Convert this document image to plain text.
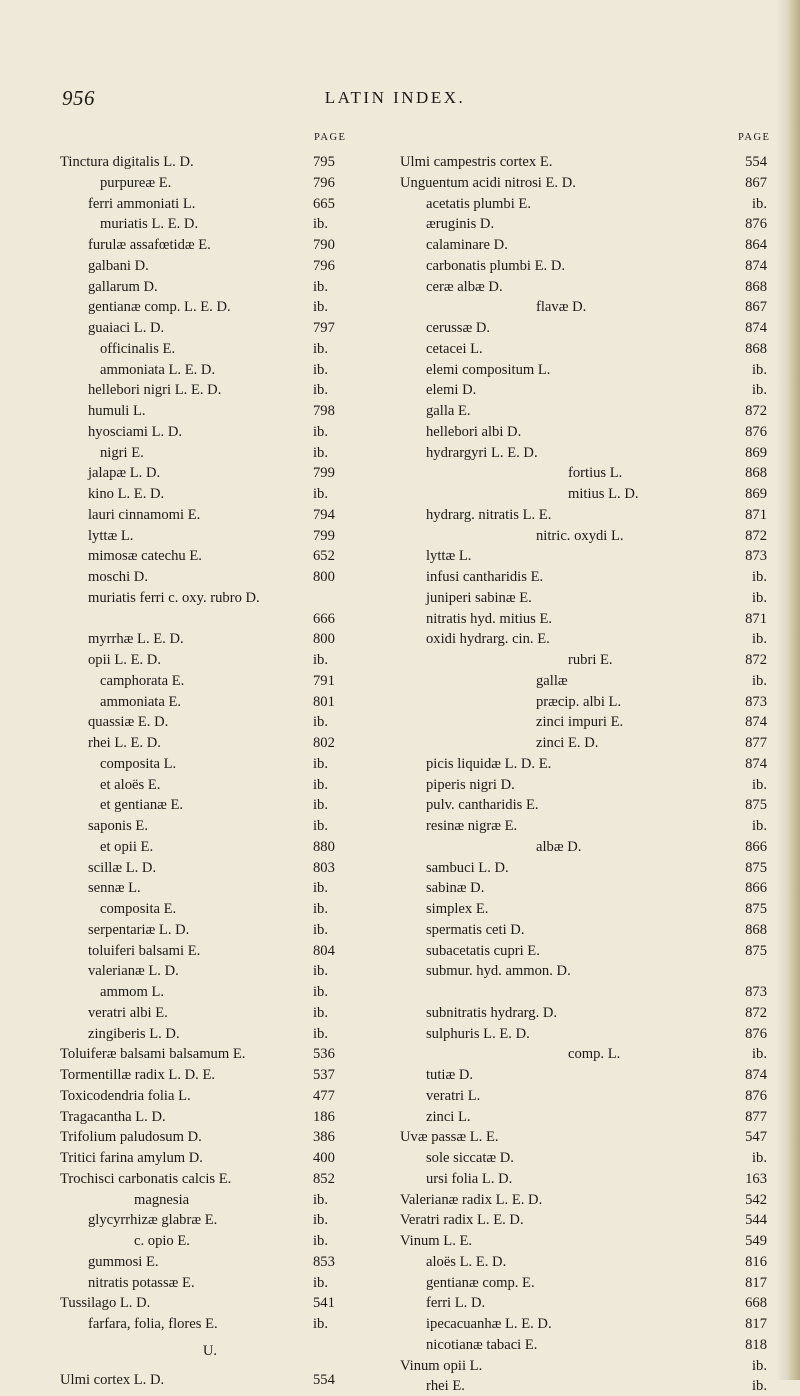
956	LATIN INDEX.
PAGE
Tinctura digitalis L. D.	795
purpureæ E.	796
ferri ammoniati L.	665
muriatis L. E. D.	ib.
furulæ assafœtidæ E.	790
galbani D.	796
gallarum D.	ib.
gentianæ comp. L. E. D.	ib.
guaiaci L. D.	797
officinalis E.	ib.
ammoniata L. E. D.	ib.
hellebori nigri L. E. D.	ib.
humuli L.	798
hyosciami L. D.	ib.
nigri E.	ib.
jalapæ L. D.	799
kino L. E. D.	ib.
lauri cinnamomi E.	794
lyttæ L.	799
mimosæ catechu E.	652
moschi D.	800
muriatis ferri c. oxy. rubro D.
666
myrrhæ L. E. D.	800
opii L. E. D.	ib.
camphorata E.	791
ammoniata E.	801
quassiæ E. D.	ib.
rhei L. E. D.	802
composita L.	ib.
et aloës E.	ib.
et gentianæ E.	ib.
saponis E.	ib.
et opii E.	880
scillæ L. D.	803
sennæ L.	ib.
composita E.	ib.
serpentariæ L. D.	ib.
toluiferi balsami E.	804
valerianæ L. D.	ib.
ammom L.	ib.
veratri albi E.	ib.
zingiberis L. D.	ib.
Toluiferæ balsami balsamum E.	536
Tormentillæ radix L. D. E.	537
Toxicodendria folia L.	477
Tragacantha L. D.	186
Trifolium paludosum D.	386
Tritici farina amylum D.	400
Trochisci carbonatis calcis E.	852
magnesia	ib.
glycyrrhizæ glabræ E.	ib.
c. opio E.	ib.
gummosi E.	853
nitratis potassæ E.	ib.
Tussilago L. D.	541
farfara, folia, flores E.	ib.
U.
Ulmi cortex L. D.	554
PAGE
Ulmi campestris cortex E.	554
Unguentum acidi nitrosi E. D.	867
acetatis plumbi E.	ib.
æruginis D.	876
calaminare D.	864
carbonatis plumbi E. D.	874
ceræ albæ D.	868
flavæ D.	867
cerussæ D.	874
cetacei L.	868
elemi compositum L.	ib.
elemi D.	ib.
galla E.	872
hellebori albi D.	876
hydrargyri L. E. D.	869
fortius L.	868
mitius L. D.	869
hydrarg. nitratis L. E.	871
nitric. oxydi L.	872
lyttæ L.	873
infusi cantharidis E.	ib.
juniperi sabinæ E.	ib.
nitratis hyd. mitius E.	871
oxidi hydrarg. cin. E.	ib.
rubri E.	872
gallæ	ib.
præcip. albi L.	873
zinci impuri E.	874
zinci E. D.	877
picis liquidæ L. D. E.	874
piperis nigri D.	ib.
pulv. cantharidis E.	875
resinæ nigræ E.	ib.
albæ D.	866
sambuci L. D.	875
sabinæ D.	866
simplex E.	875
spermatis ceti D.	868
subacetatis cupri E.	875
submur. hyd. ammon. D.
873
subnitratis hydrarg. D.	872
sulphuris L. E. D.	876
comp. L.	ib.
tutiæ D.	874
veratri L.	876
zinci L.	877
Uvæ passæ L. E.	547
sole siccatæ D.	ib.
ursi folia L. D.	163
Valerianæ radix L. E. D.	542
Veratri radix L. E. D.	544
Vinum L. E.	549
aloës L. E. D.	816
gentianæ comp. E.	817
ferri L. D.	668
ipecacuanhæ L. E. D.	817
nicotianæ tabaci E.	818
Vinum opii L.	ib.
rhei E.	ib.
